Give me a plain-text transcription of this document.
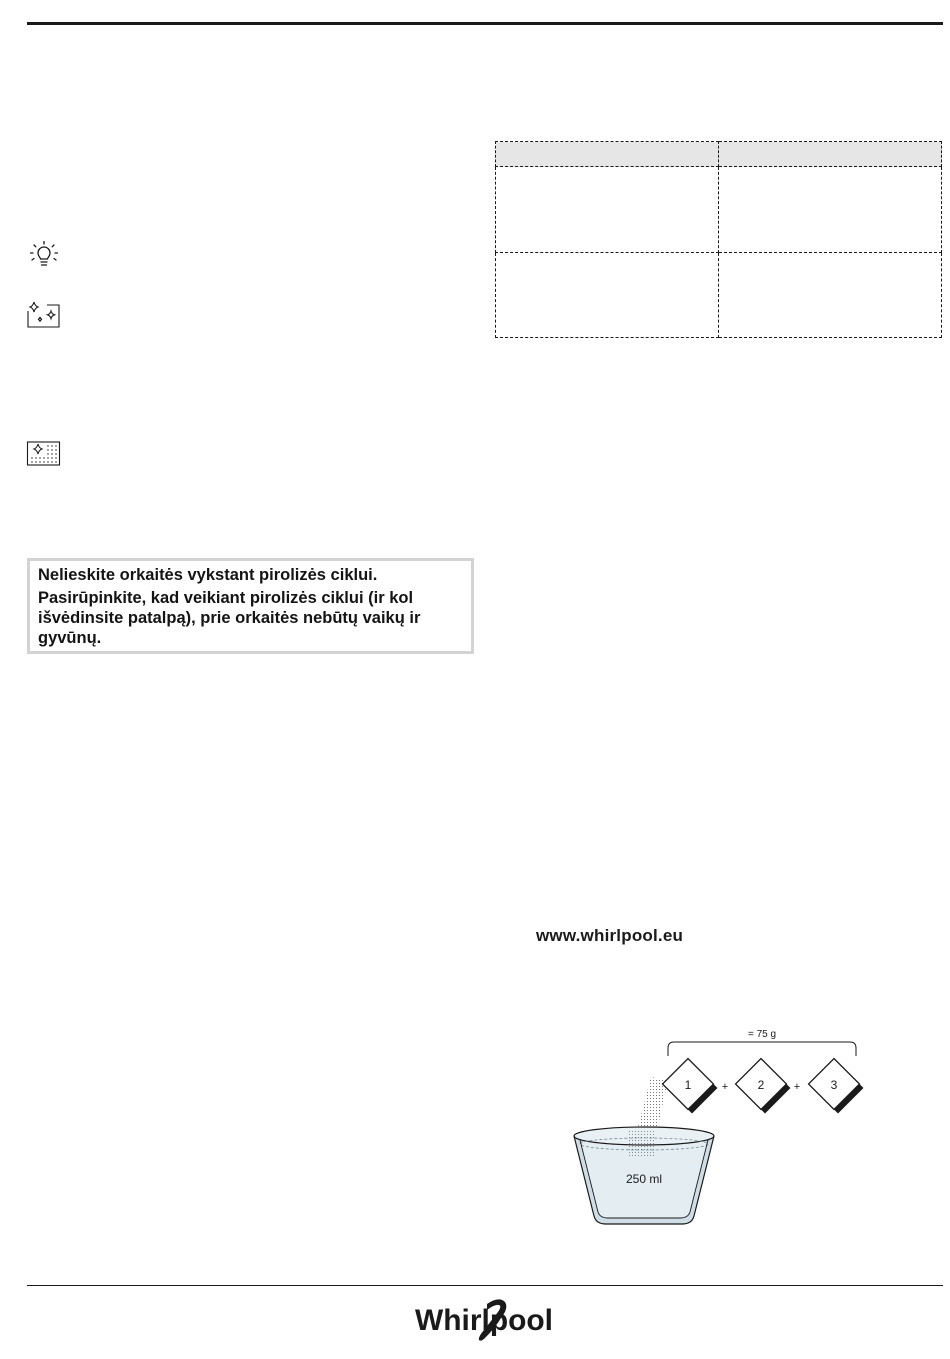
Nelieskite orkaitės vykstant pirolizės ciklui.

Pasirūpinkite, kad veikiant pirolizės ciklui (ir kol išvėdinsite patalpą), prie orkaitės nebūtų vaikų ir gyvūnų.

www.whirlpool.eu
= 75 g
1	+ 2	+	3
250 ml
Whirlpool
